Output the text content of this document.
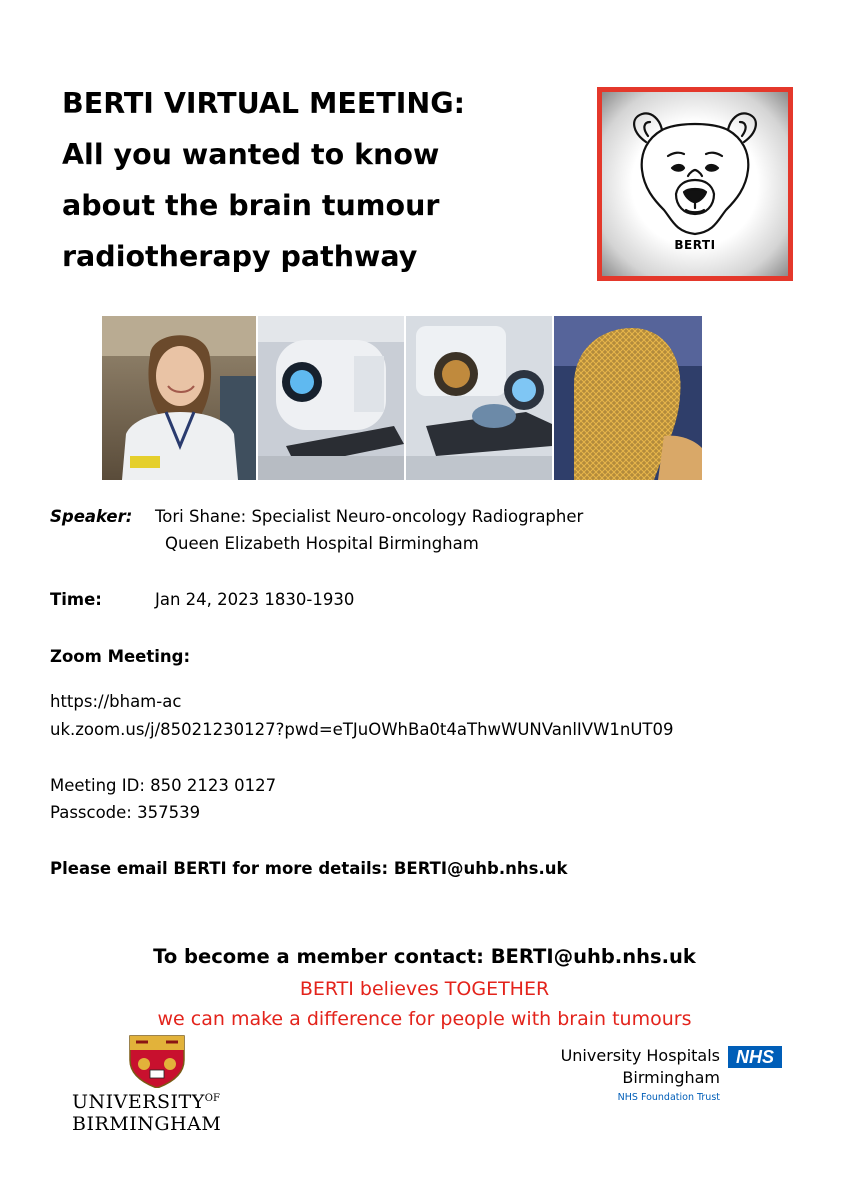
BERTI VIRTUAL MEETING:
All you wanted to know
about the brain tumour
radiotherapy pathway	BERTI
Speaker: Tori Shane: Specialist Neuro-oncology Radiographer
Queen Elizabeth Hospital Birmingham
Time:	Jan 24, 2023 1830-1930
Zoom Meeting:
https://bham-ac
uk.zoom.us/j/85021230127?pwd=eTJuOWhBa0t4aThwWUNVanlIVW1nUT09
Meeting ID: 850 2123 0127
Passcode: 357539
Please email BERTI for more details: BERTI@uhb.nhs.uk
To become a member contact: BERTI@uhb.nhs.uk
BERTI believes TOGETHER
we can make a difference for people with brain tumours
$UNIVERSITY^{OF}$
BIRMINGHAM
University Hospitals NHS
Birmingham
NHS Foundation Trust
